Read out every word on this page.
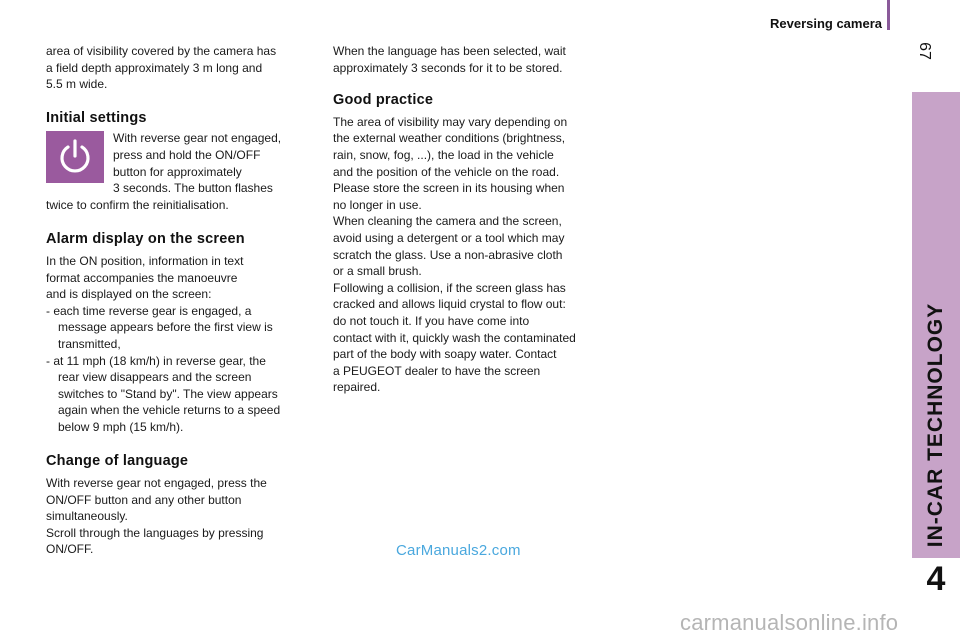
Reversing camera
67
IN-CAR TECHNOLOGY
4

area of visibility covered by the camera has

a field depth approximately 3 m long and

5.5 m wide.

Initial settings

With reverse gear not engaged,

press and hold the ON/OFF

button for approximately

3 seconds. The button flashes

twice to confirm the reinitialisation.

Alarm display on the screen

In the ON position, information in text

format accompanies the manoeuvre

and is displayed on the screen:

- each time reverse gear is engaged, a

message appears before the first view is

transmitted,

- at 11 mph (18 km/h) in reverse gear, the

rear view disappears and the screen

switches to "Stand by". The view appears

again when the vehicle returns to a speed

below 9 mph (15 km/h).

Change of language

With reverse gear not engaged, press the

ON/OFF button and any other button

simultaneously.

Scroll through the languages by pressing

ON/OFF.

When the language has been selected, wait

approximately 3 seconds for it to be stored.

Good practice

The area of visibility may vary depending on

the external weather conditions (brightness,

rain, snow, fog, ...), the load in the vehicle

and the position of the vehicle on the road.

Please store the screen in its housing when

no longer in use.

When cleaning the camera and the screen,

avoid using a detergent or a tool which may

scratch the glass. Use a non-abrasive cloth

or a small brush.

Following a collision, if the screen glass has

cracked and allows liquid crystal to flow out:

do not touch it. If you have come into

contact with it, quickly wash the contaminated

part of the body with soapy water. Contact

a PEUGEOT dealer to have the screen

repaired.

CarManuals2.com
carmanualsonline.info
